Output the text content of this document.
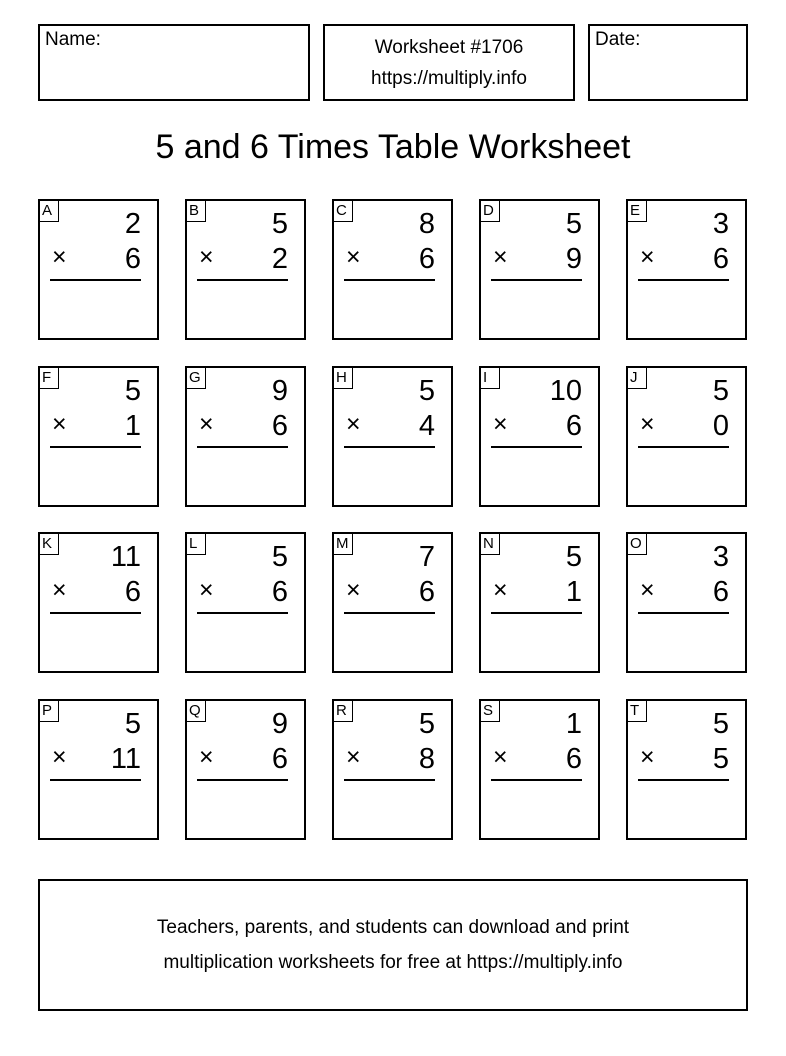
Name:	Worksheet #1706
https://multiply.info
Date:
5 and 6 Times Table Worksheet
A	2
× 6
B	5
× 2
C 8
× 6
D 5
× 9
E	3
× 6
F	5
× 1
G 9
× 6
H 5
× 4
I	10
× 6
J	5
× 0
K 11
× 6
L	5
× 6
M 7
× 6
N 5
× 1
O 3
× 6
P	5
× 11
Q 9
× 6
R 5
× 8
S	1
× 6
T	5
× 5
Teachers, parents, and students can download and print
multiplication worksheets for free at https://multiply.info
